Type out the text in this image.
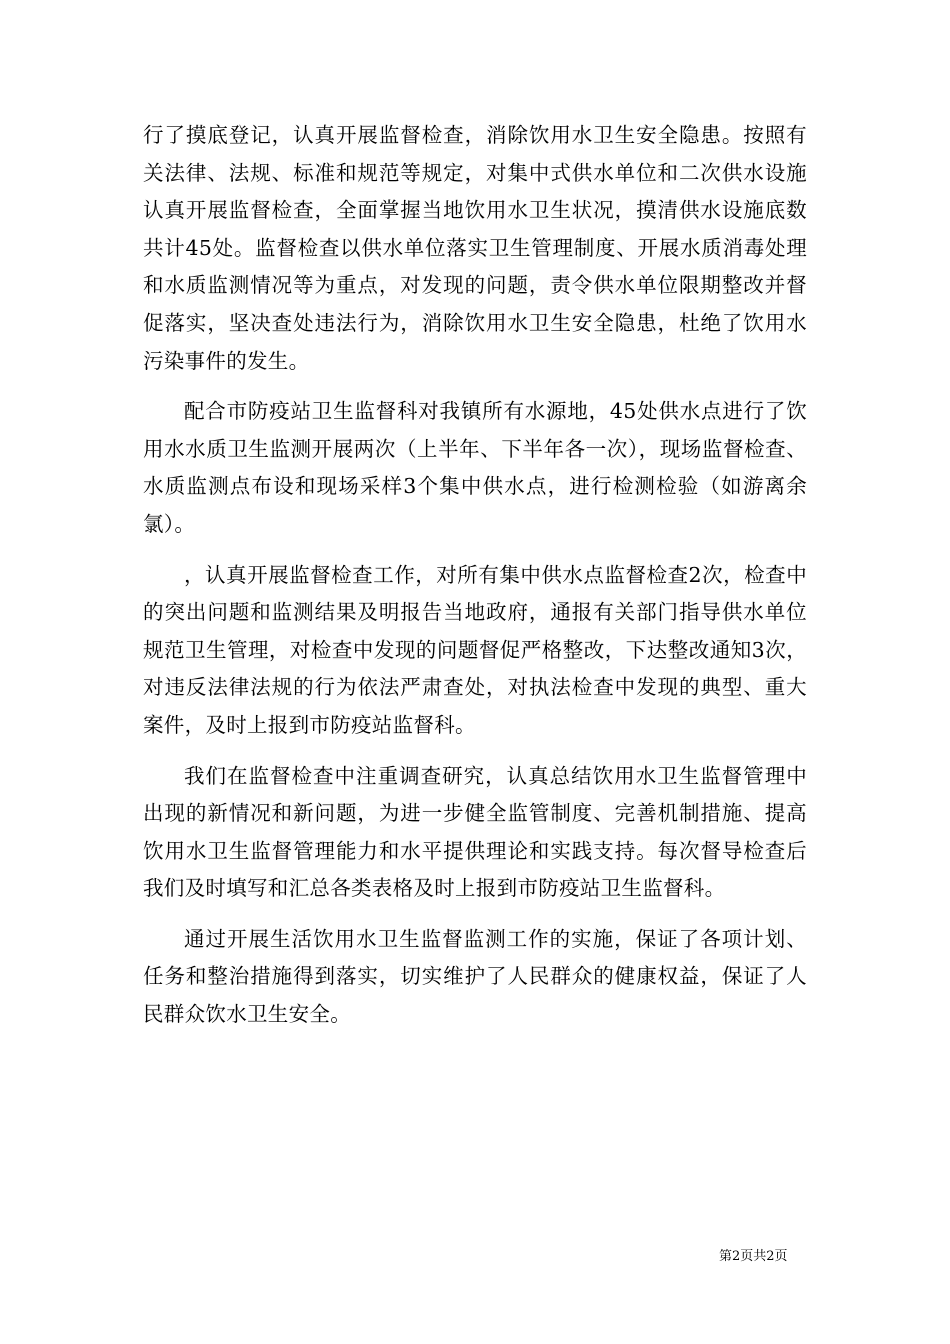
行了摸底登记，认真开展监督检查，消除饮用水卫生安全隐患。按照有关法律、法规、标准和规范等规定，对集中式供水单位和二次供水设施认真开展监督检查，全面掌握当地饮用水卫生状况，摸清供水设施底数共计45处。监督检查以供水单位落实卫生管理制度、开展水质消毒处理和水质监测情况等为重点，对发现的问题，责令供水单位限期整改并督促落实，坚决查处违法行为，消除饮用水卫生安全隐患，杜绝了饮用水污染事件的发生。

配合市防疫站卫生监督科对我镇所有水源地，45处供水点进行了饮用水水质卫生监测开展两次（上半年、下半年各一次），现场监督检查、水质监测点布设和现场采样3个集中供水点，进行检测检验（如游离余氯）。

，认真开展监督检查工作，对所有集中供水点监督检查2次，检查中的突出问题和监测结果及明报告当地政府，通报有关部门指导供水单位规范卫生管理，对检查中发现的问题督促严格整改，下达整改通知3次，对违反法律法规的行为依法严肃查处，对执法检查中发现的典型、重大案件，及时上报到市防疫站监督科。

我们在监督检查中注重调查研究，认真总结饮用水卫生监督管理中出现的新情况和新问题，为进一步健全监管制度、完善机制措施、提高饮用水卫生监督管理能力和水平提供理论和实践支持。每次督导检查后我们及时填写和汇总各类表格及时上报到市防疫站卫生监督科。

通过开展生活饮用水卫生监督监测工作的实施，保证了各项计划、任务和整治措施得到落实，切实维护了人民群众的健康权益，保证了人民群众饮水卫生安全。

第2页共2页
